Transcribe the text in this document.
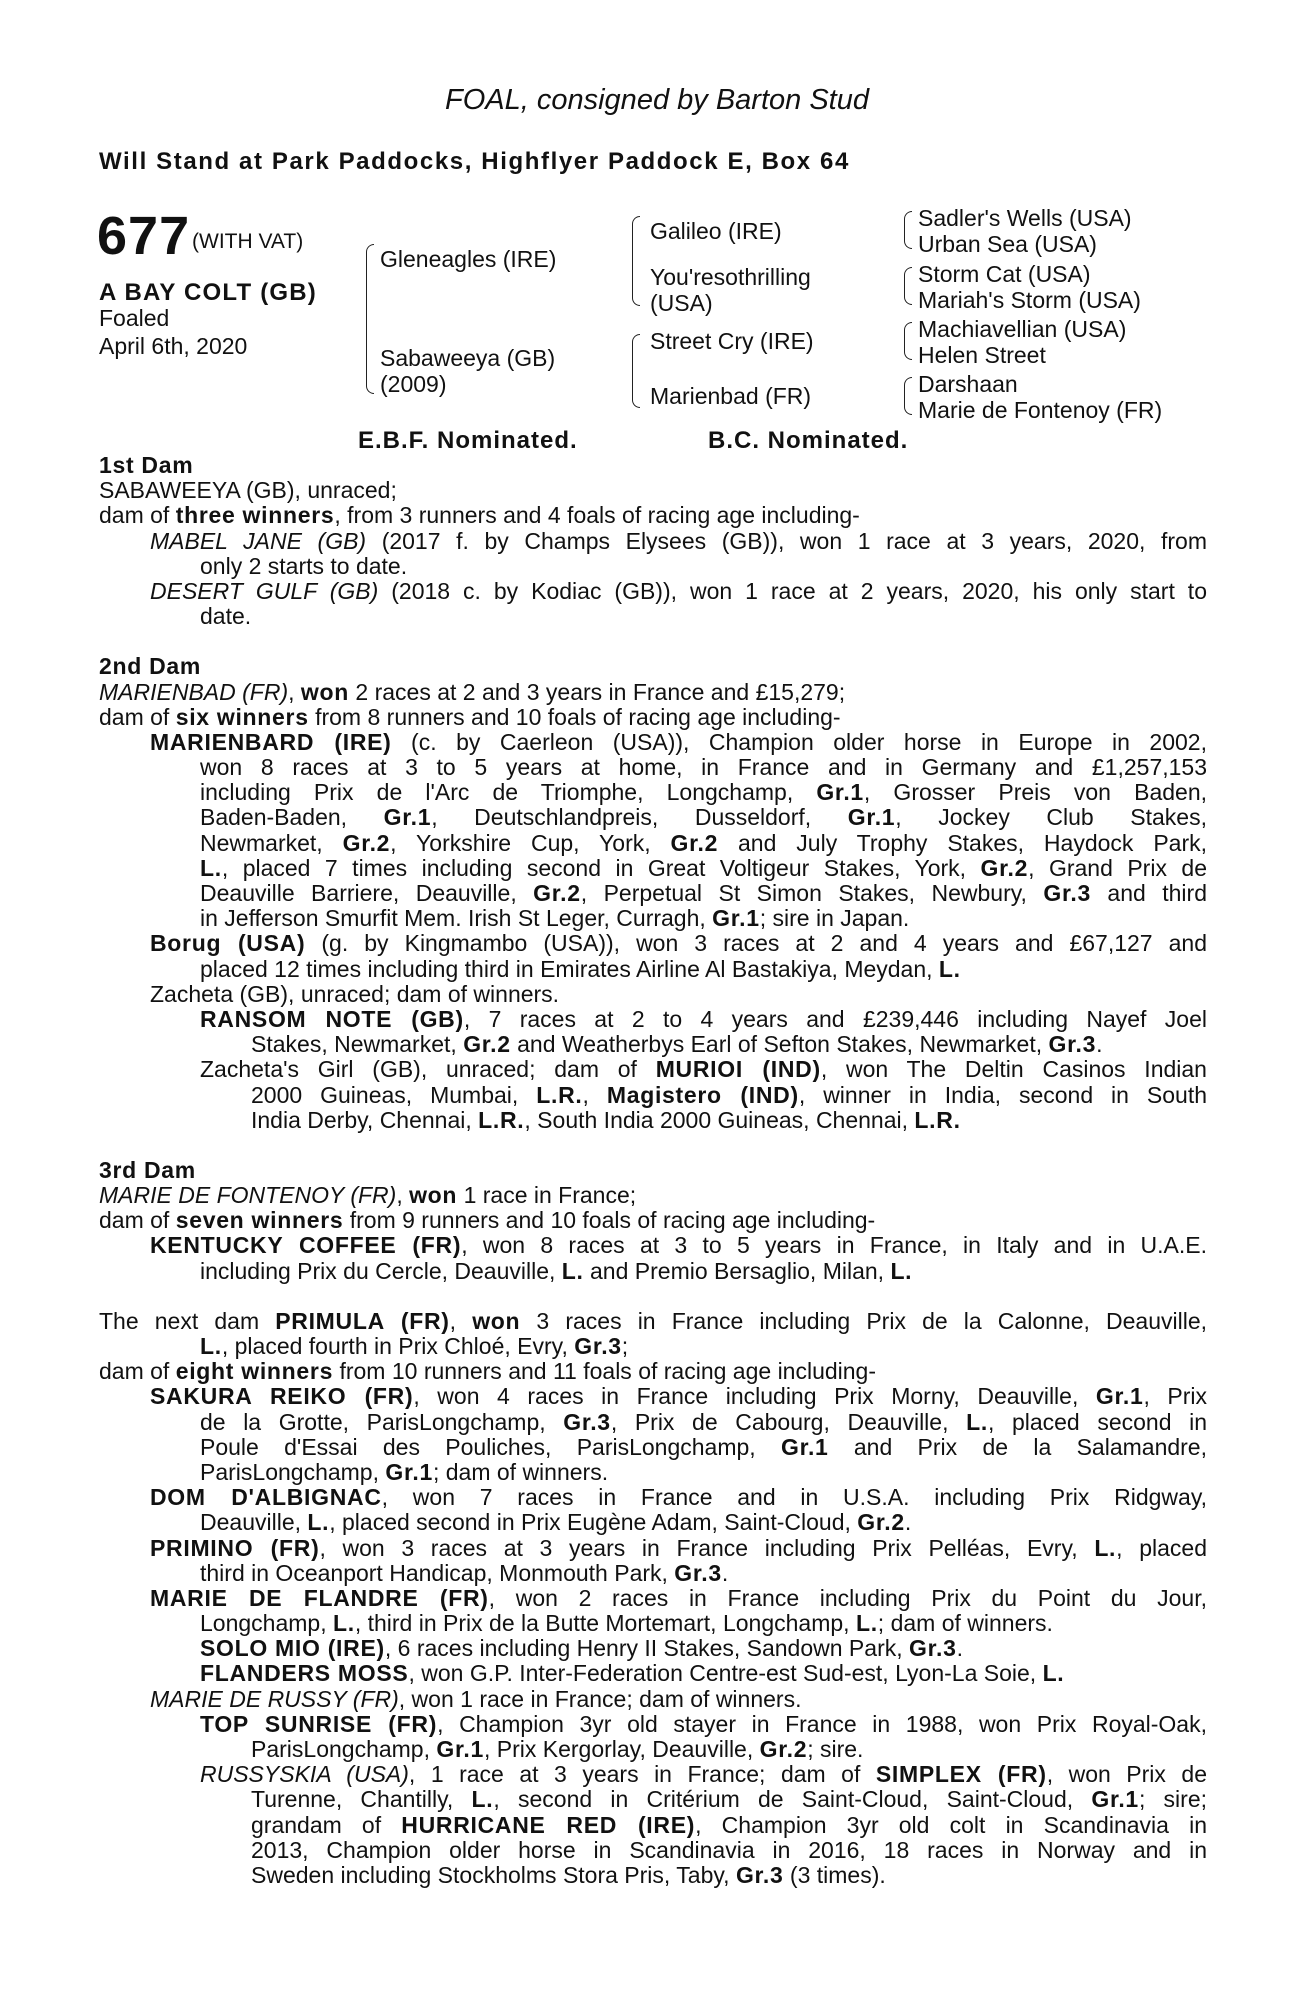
FOAL, consigned by Barton Stud
Will Stand at Park Paddocks, Highflyer Paddock E, Box 64
677 (WITH VAT)
A BAY COLT (GB)
Foaled
April 6th, 2020
Gleneagles (IRE)
Sabaweeya (GB)
(2009)
Galileo (IRE)
You'resothrilling
(USA)
Street Cry (IRE)
Marienbad (FR)
Sadler's Wells (USA)
Urban Sea (USA)
Storm Cat (USA)
Mariah's Storm (USA)
Machiavellian (USA)
Helen Street
Darshaan
Marie de Fontenoy (FR)
E.B.F. Nominated.	B.C. Nominated.
1st Dam
SABAWEEYA (GB), unraced;
dam of three winners, from 3 runners and 4 foals of racing age including-
MABEL JANE (GB) (2017 f. by Champs Elysees (GB)), won 1 race at 3 years, 2020, from
only 2 starts to date.
DESERT GULF (GB) (2018 c. by Kodiac (GB)), won 1 race at 2 years, 2020, his only start to
date.
2nd Dam
MARIENBAD (FR), won 2 races at 2 and 3 years in France and £15,279;
dam of six winners from 8 runners and 10 foals of racing age including-
MARIENBARD (IRE) (c. by Caerleon (USA)), Champion older horse in Europe in 2002,
won 8 races at 3 to 5 years at home, in France and in Germany and £1,257,153
including Prix de l'Arc de Triomphe, Longchamp, Gr.1, Grosser Preis von Baden,
Baden-Baden, Gr.1, Deutschlandpreis, Dusseldorf, Gr.1, Jockey Club Stakes,
Newmarket, Gr.2, Yorkshire Cup, York, Gr.2 and July Trophy Stakes, Haydock Park,
L., placed 7 times including second in Great Voltigeur Stakes, York, Gr.2, Grand Prix de
Deauville Barriere, Deauville, Gr.2, Perpetual St Simon Stakes, Newbury, Gr.3 and third
in Jefferson Smurfit Mem. Irish St Leger, Curragh, Gr.1; sire in Japan.
Borug (USA) (g. by Kingmambo (USA)), won 3 races at 2 and 4 years and £67,127 and
placed 12 times including third in Emirates Airline Al Bastakiya, Meydan, L.
Zacheta (GB), unraced; dam of winners.
RANSOM NOTE (GB), 7 races at 2 to 4 years and £239,446 including Nayef Joel
Stakes, Newmarket, Gr.2 and Weatherbys Earl of Sefton Stakes, Newmarket, Gr.3.
Zacheta's Girl (GB), unraced; dam of MURIOI (IND), won The Deltin Casinos Indian
2000 Guineas, Mumbai, L.R., Magistero (IND), winner in India, second in South
India Derby, Chennai, L.R., South India 2000 Guineas, Chennai, L.R.
3rd Dam
MARIE DE FONTENOY (FR), won 1 race in France;
dam of seven winners from 9 runners and 10 foals of racing age including-
KENTUCKY COFFEE (FR), won 8 races at 3 to 5 years in France, in Italy and in U.A.E.
including Prix du Cercle, Deauville, L. and Premio Bersaglio, Milan, L.
The next dam PRIMULA (FR), won 3 races in France including Prix de la Calonne, Deauville,
L., placed fourth in Prix Chloé, Evry, Gr.3;
dam of eight winners from 10 runners and 11 foals of racing age including-
SAKURA REIKO (FR), won 4 races in France including Prix Morny, Deauville, Gr.1, Prix
de la Grotte, ParisLongchamp, Gr.3, Prix de Cabourg, Deauville, L., placed second in
Poule d'Essai des Pouliches, ParisLongchamp, Gr.1 and Prix de la Salamandre,
ParisLongchamp, Gr.1; dam of winners.
DOM D'ALBIGNAC, won 7 races in France and in U.S.A. including Prix Ridgway,
Deauville, L., placed second in Prix Eugène Adam, Saint-Cloud, Gr.2.
PRIMINO (FR), won 3 races at 3 years in France including Prix Pelléas, Evry, L., placed
third in Oceanport Handicap, Monmouth Park, Gr.3.
MARIE DE FLANDRE (FR), won 2 races in France including Prix du Point du Jour,
Longchamp, L., third in Prix de la Butte Mortemart, Longchamp, L.; dam of winners.
SOLO MIO (IRE), 6 races including Henry II Stakes, Sandown Park, Gr.3.
FLANDERS MOSS, won G.P. Inter-Federation Centre-est Sud-est, Lyon-La Soie, L.
MARIE DE RUSSY (FR), won 1 race in France; dam of winners.
TOP SUNRISE (FR), Champion 3yr old stayer in France in 1988, won Prix Royal-Oak,
ParisLongchamp, Gr.1, Prix Kergorlay, Deauville, Gr.2; sire.
RUSSYSKIA (USA), 1 race at 3 years in France; dam of SIMPLEX (FR), won Prix de
Turenne, Chantilly, L., second in Critérium de Saint-Cloud, Saint-Cloud, Gr.1; sire;
grandam of HURRICANE RED (IRE), Champion 3yr old colt in Scandinavia in
2013, Champion older horse in Scandinavia in 2016, 18 races in Norway and in
Sweden including Stockholms Stora Pris, Taby, Gr.3 (3 times).
